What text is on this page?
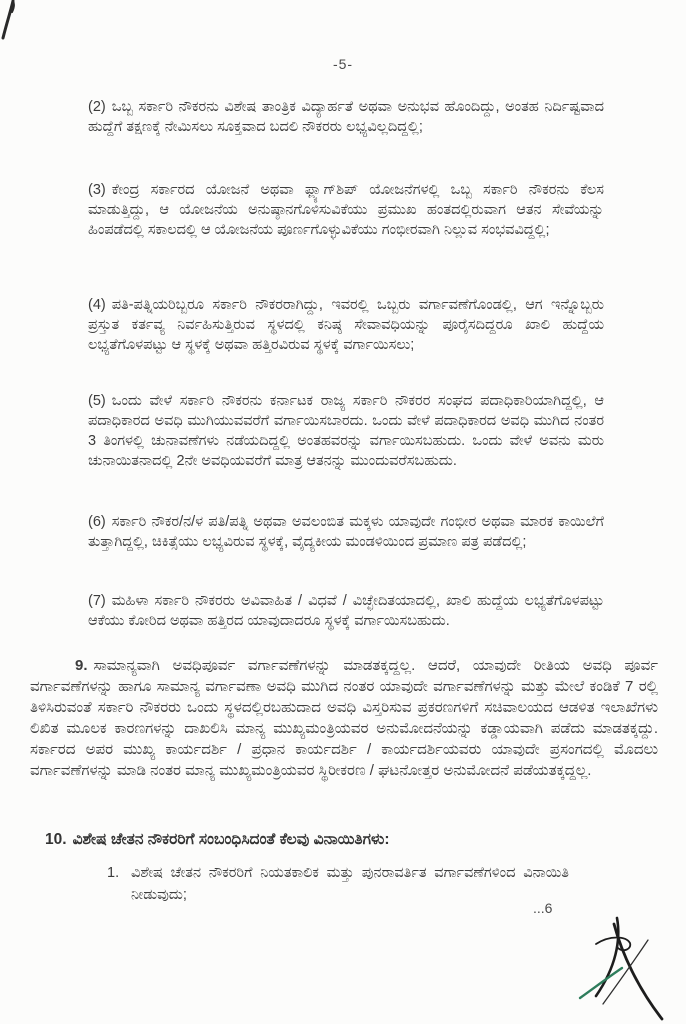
-5-

(2) ಒಬ್ಬ ಸರ್ಕಾರಿ ನೌಕರನು ವಿಶೇಷ ತಾಂತ್ರಿಕ ವಿದ್ಯಾರ್ಹತೆ ಅಥವಾ ಅನುಭವ ಹೊಂದಿದ್ದು, ಅಂತಹ ನಿರ್ದಿಷ್ಟವಾದ ಹುದ್ದೆಗೆ ತಕ್ಷಣಕ್ಕೆ ನೇಮಿಸಲು ಸೂಕ್ತವಾದ ಬದಲಿ ನೌಕರರು ಲಭ್ಯವಿಲ್ಲದಿದ್ದಲ್ಲಿ;

(3) ಕೇಂದ್ರ ಸರ್ಕಾರದ ಯೋಜನೆ ಅಥವಾ ಫ್ಲ್ಯಾಗ್‌ಶಿಪ್ ಯೋಜನೆಗಳಲ್ಲಿ ಒಬ್ಬ ಸರ್ಕಾರಿ ನೌಕರನು ಕೆಲಸ ಮಾಡುತ್ತಿದ್ದು, ಆ ಯೋಜನೆಯ ಅನುಷ್ಠಾನಗೊಳಿಸುವಿಕೆಯು ಪ್ರಮುಖ ಹಂತದಲ್ಲಿರುವಾಗ ಆತನ ಸೇವೆಯನ್ನು ಹಿಂಪಡೆದಲ್ಲಿ ಸಕಾಲದಲ್ಲಿ ಆ ಯೋಜನೆಯ ಪೂರ್ಣಗೊಳ್ಳುವಿಕೆಯು ಗಂಭೀರವಾಗಿ ನಿಲ್ಲುವ ಸಂಭವವಿದ್ದಲ್ಲಿ;

(4) ಪತಿ-ಪತ್ನಿಯರಿಬ್ಬರೂ ಸರ್ಕಾರಿ ನೌಕರರಾಗಿದ್ದು, ಇವರಲ್ಲಿ ಒಬ್ಬರು ವರ್ಗಾವಣೆಗೊಂಡಲ್ಲಿ, ಆಗ ಇನ್ನೊಬ್ಬರು ಪ್ರಸ್ತುತ ಕರ್ತವ್ಯ ನಿರ್ವಹಿಸುತ್ತಿರುವ ಸ್ಥಳದಲ್ಲಿ ಕನಿಷ್ಠ ಸೇವಾವಧಿಯನ್ನು ಪೂರೈಸದಿದ್ದರೂ ಖಾಲಿ ಹುದ್ದೆಯ ಲಭ್ಯತೆಗೊಳಪಟ್ಟು ಆ ಸ್ಥಳಕ್ಕೆ ಅಥವಾ ಹತ್ತಿರವಿರುವ ಸ್ಥಳಕ್ಕೆ ವರ್ಗಾಯಿಸಲು;

(5) ಒಂದು ವೇಳೆ ಸರ್ಕಾರಿ ನೌಕರನು ಕರ್ನಾಟಕ ರಾಜ್ಯ ಸರ್ಕಾರಿ ನೌಕರರ ಸಂಘದ ಪದಾಧಿಕಾರಿಯಾಗಿದ್ದಲ್ಲಿ, ಆ ಪದಾಧಿಕಾರದ ಅವಧಿ ಮುಗಿಯುವವರೆಗೆ ವರ್ಗಾಯಿಸಬಾರದು. ಒಂದು ವೇಳೆ ಪದಾಧಿಕಾರದ ಅವಧಿ ಮುಗಿದ ನಂತರ 3 ತಿಂಗಳಲ್ಲಿ ಚುನಾವಣೆಗಳು ನಡೆಯದಿದ್ದಲ್ಲಿ ಅಂತಹವರನ್ನು ವರ್ಗಾಯಿಸಬಹುದು. ಒಂದು ವೇಳೆ ಅವನು ಮರು ಚುನಾಯಿತನಾದಲ್ಲಿ 2ನೇ ಅವಧಿಯವರೆಗೆ ಮಾತ್ರ ಆತನನ್ನು ಮುಂದುವರೆಸಬಹುದು.

(6) ಸರ್ಕಾರಿ ನೌಕರ/ನ/ಳ ಪತಿ/ಪತ್ನಿ ಅಥವಾ ಅವಲಂಬಿತ ಮಕ್ಕಳು ಯಾವುದೇ ಗಂಭೀರ ಅಥವಾ ಮಾರಕ ಕಾಯಿಲೆಗೆ ತುತ್ತಾಗಿದ್ದಲ್ಲಿ, ಚಿಕಿತ್ಸೆಯು ಲಭ್ಯವಿರುವ ಸ್ಥಳಕ್ಕೆ, ವೈದ್ಯಕೀಯ ಮಂಡಳಿಯಿಂದ ಪ್ರಮಾಣ ಪತ್ರ ಪಡೆದಲ್ಲಿ;

(7) ಮಹಿಳಾ ಸರ್ಕಾರಿ ನೌಕರರು ಅವಿವಾಹಿತ / ವಿಧವೆ / ವಿಚ್ಛೇದಿತಯಾದಲ್ಲಿ, ಖಾಲಿ ಹುದ್ದೆಯ ಲಭ್ಯತೆಗೊಳಪಟ್ಟು ಆಕೆಯು ಕೋರಿದ ಅಥವಾ ಹತ್ತಿರದ ಯಾವುದಾದರೂ ಸ್ಥಳಕ್ಕೆ ವರ್ಗಾಯಿಸಬಹುದು.

9. ಸಾಮಾನ್ಯವಾಗಿ ಅವಧಿಪೂರ್ವ ವರ್ಗಾವಣೆಗಳನ್ನು ಮಾಡತಕ್ಕದ್ದಲ್ಲ. ಆದರೆ, ಯಾವುದೇ ರೀತಿಯ ಅವಧಿ ಪೂರ್ವ ವರ್ಗಾವಣೆಗಳನ್ನು ಹಾಗೂ ಸಾಮಾನ್ಯ ವರ್ಗಾವಣಾ ಅವಧಿ ಮುಗಿದ ನಂತರ ಯಾವುದೇ ವರ್ಗಾವಣೆಗಳನ್ನು ಮತ್ತು ಮೇಲೆ ಕಂಡಿಕೆ 7 ರಲ್ಲಿ ತಿಳಿಸಿರುವಂತೆ ಸರ್ಕಾರಿ ನೌಕರರು ಒಂದು ಸ್ಥಳದಲ್ಲಿರಬಹುದಾದ ಅವಧಿ ವಿಸ್ತರಿಸುವ ಪ್ರಕರಣಗಳಿಗೆ ಸಚಿವಾಲಯದ ಆಡಳಿತ ಇಲಾಖೆಗಳು ಲಿಖಿತ ಮೂಲಕ ಕಾರಣಗಳನ್ನು ದಾಖಲಿಸಿ ಮಾನ್ಯ ಮುಖ್ಯಮಂತ್ರಿಯವರ ಅನುಮೋದನೆಯನ್ನು ಕಡ್ಡಾಯವಾಗಿ ಪಡೆದು ಮಾಡತಕ್ಕದ್ದು. ಸರ್ಕಾರದ ಅಪರ ಮುಖ್ಯ ಕಾರ್ಯದರ್ಶಿ / ಪ್ರಧಾನ ಕಾರ್ಯದರ್ಶಿ / ಕಾರ್ಯದರ್ಶಿಯವರು ಯಾವುದೇ ಪ್ರಸಂಗದಲ್ಲಿ ಮೊದಲು ವರ್ಗಾವಣೆಗಳನ್ನು ಮಾಡಿ ನಂತರ ಮಾನ್ಯ ಮುಖ್ಯಮಂತ್ರಿಯವರ ಸ್ಥಿರೀಕರಣ / ಘಟನೋತ್ತರ ಅನುಮೋದನೆ ಪಡೆಯತಕ್ಕದ್ದಲ್ಲ.

10. ವಿಶೇಷ ಚೇತನ ನೌಕರರಿಗೆ ಸಂಬಂಧಿಸಿದಂತೆ ಕೆಲವು ವಿನಾಯಿತಿಗಳು:

1. ವಿಶೇಷ ಚೇತನ ನೌಕರರಿಗೆ ನಿಯತಕಾಲಿಕ ಮತ್ತು ಪುನರಾವರ್ತಿತ ವರ್ಗಾವಣೆಗಳಿಂದ ವಿನಾಯಿತಿ ನೀಡುವುದು;
...6
